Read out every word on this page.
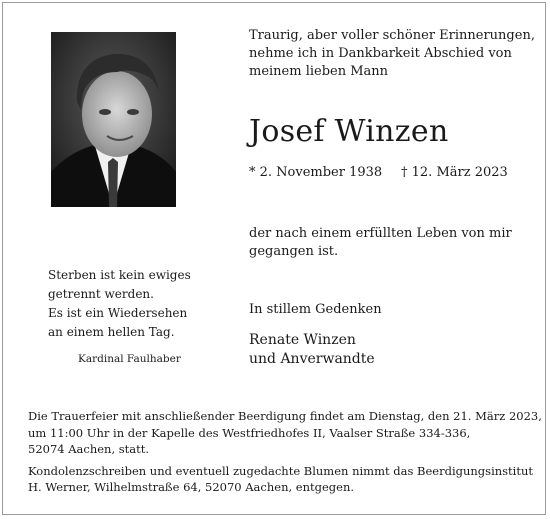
Traurig, aber voller schöner Erinnerungen,
nehme ich in Dankbarkeit Abschied von
meinem lieben Mann
Josef Winzen
* 2. November 1938 † 12. März 2023
der nach einem erfüllten Leben von mir
gegangen ist.
Sterben ist kein ewiges
getrennt werden.
Es ist ein Wiedersehen
an einem hellen Tag.
Kardinal Faulhaber
In stillem Gedenken
Renate Winzen
und Anverwandte

Die Trauerfeier mit anschließender Beerdigung findet am Dienstag, den 21. März 2023,
um 11:00 Uhr in der Kapelle des Westfriedhofes II, Vaalser Straße 334-336,
52074 Aachen, statt.

Kondolenzschreiben und eventuell zugedachte Blumen nimmt das Beerdigungsinstitut
H. Werner, Wilhelmstraße 64, 52070 Aachen, entgegen.
